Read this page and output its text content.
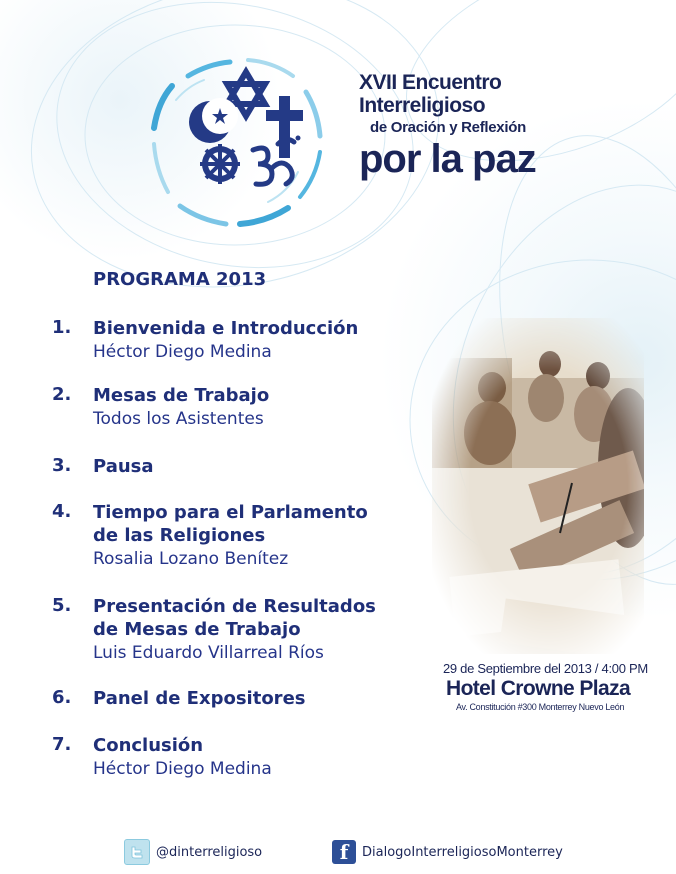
XVII Encuentro
Interreligioso
de Oración y Reflexión
por la paz
PROGRAMA 2013
1. Bienvenida e Introducción
Héctor Diego Medina
2. Mesas de Trabajo
Todos los Asistentes
3. Pausa
4. Tiempo para el Parlamento
de las Religiones
Rosalia Lozano Benítez
5. Presentación de Resultados
de Mesas de Trabajo
Luis Eduardo Villarreal Ríos
6. Panel de Expositores
7. Conclusión
Héctor Diego Medina
29 de Septiembre del 2013 / 4:00 PM
Hotel Crowne Plaza
Av. Constitución #300 Monterrey Nuevo León
@dinterreligioso	f	DialogoInterreligiosoMonterrey
